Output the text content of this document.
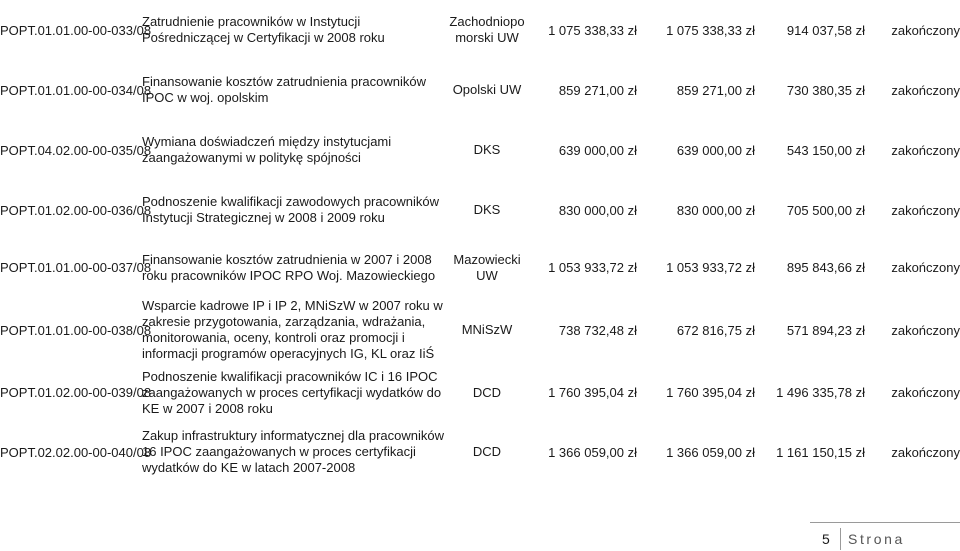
POPT.01.01.00-00-033/08	Zatrudnienie pracowników w Instytucji Pośredniczącej w Certyfikacji w 2008 roku	Zachodniopo morski UW	1 075 338,33 zł	1 075 338,33 zł	914 037,58 zł	zakończony
POPT.01.01.00-00-034/08	Finansowanie kosztów zatrudnienia pracowników IPOC w woj. opolskim	Opolski UW	859 271,00 zł	859 271,00 zł	730 380,35 zł	zakończony
POPT.04.02.00-00-035/08	Wymiana doświadczeń między instytucjami zaangażowanymi w politykę spójności	DKS	639 000,00 zł	639 000,00 zł	543 150,00 zł	zakończony
POPT.01.02.00-00-036/08	Podnoszenie kwalifikacji zawodowych pracowników Instytucji Strategicznej w 2008 i 2009 roku	DKS	830 000,00 zł	830 000,00 zł	705 500,00 zł	zakończony
POPT.01.01.00-00-037/08	Finansowanie kosztów zatrudnienia w 2007 i 2008 roku pracowników IPOC RPO Woj. Mazowieckiego	Mazowiecki UW	1 053 933,72 zł	1 053 933,72 zł	895 843,66 zł	zakończony
POPT.01.01.00-00-038/08	Wsparcie kadrowe IP i IP 2, MNiSzW w 2007 roku w zakresie przygotowania, zarządzania, wdrażania, monitorowania, oceny, kontroli oraz promocji i informacji programów operacyjnych IG, KL oraz IiŚ	MNiSzW	738 732,48 zł	672 816,75 zł	571 894,23 zł	zakończony
POPT.01.02.00-00-039/08	Podnoszenie kwalifikacji pracowników IC i 16 IPOC zaangażowanych w proces certyfikacji wydatków do KE w 2007 i 2008 roku	DCD	1 760 395,04 zł	1 760 395,04 zł	1 496 335,78 zł	zakończony
POPT.02.02.00-00-040/08	Zakup infrastruktury informatycznej dla pracowników 16 IPOC zaangażowanych w proces certyfikacji wydatków do KE w latach 2007-2008	DCD	1 366 059,00 zł	1 366 059,00 zł	1 161 150,15 zł	zakończony
5	Strona
